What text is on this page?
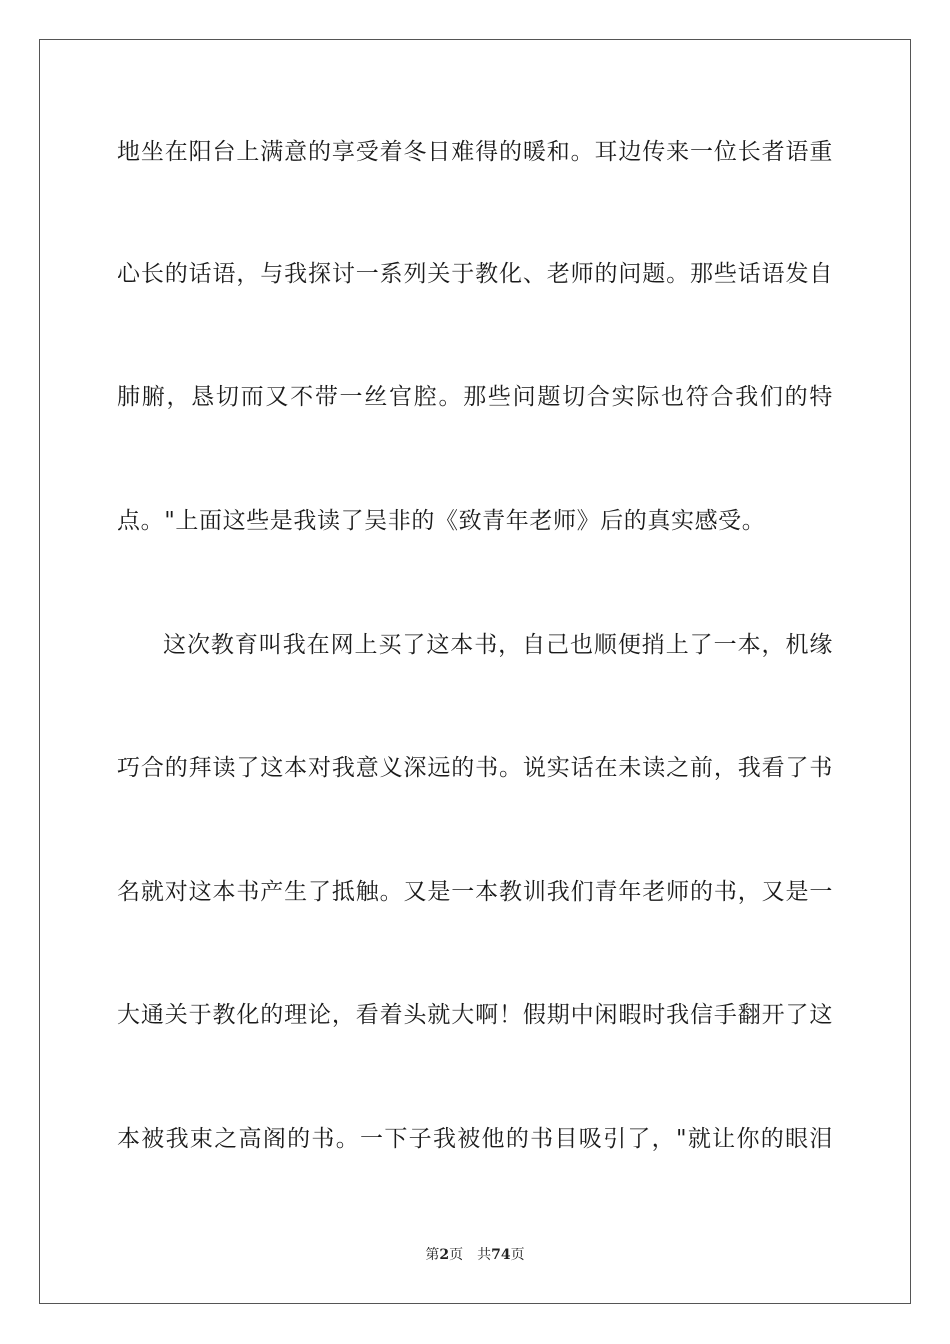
地坐在阳台上满意的享受着冬日难得的暖和。耳边传来一位长者语重
心长的话语，与我探讨一系列关于教化、老师的问题。那些话语发自
肺腑，恳切而又不带一丝官腔。那些问题切合实际也符合我们的特
点。"上面这些是我读了吴非的《致青年老师》后的真实感受。
这次教育叫我在网上买了这本书，自己也顺便捎上了一本，机缘
巧合的拜读了这本对我意义深远的书。说实话在未读之前，我看了书
名就对这本书产生了抵触。又是一本教训我们青年老师的书，又是一
大通关于教化的理论，看着头就大啊！假期中闲暇时我信手翻开了这
本被我束之高阁的书。一下子我被他的书目吸引了，"就让你的眼泪
第2页 共74页
